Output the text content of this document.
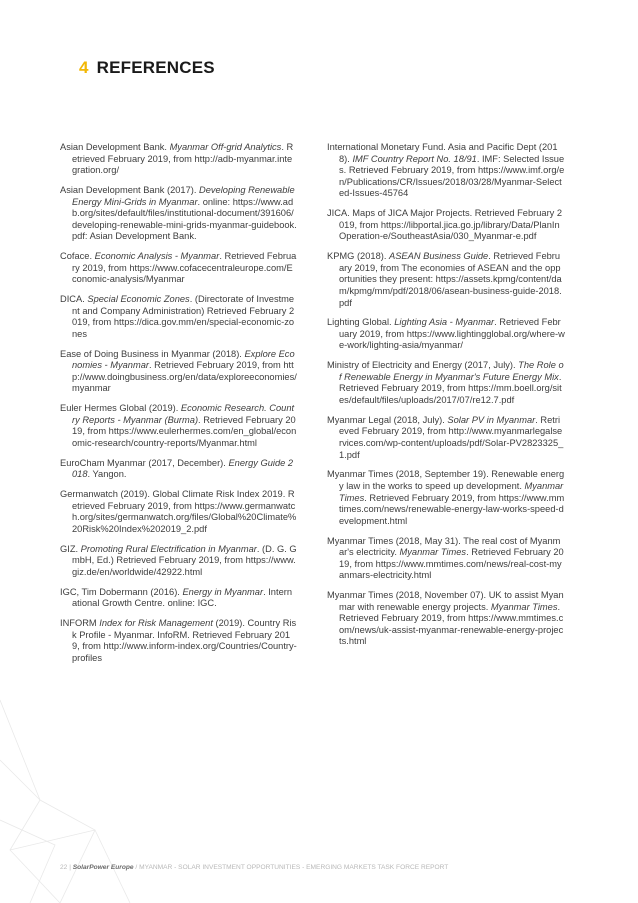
4 REFERENCES

Asian Development Bank. Myanmar Off-grid Analytics. Retrieved February 2019, from http://adb-myanmar.integration.org/

Asian Development Bank (2017). Developing Renewable Energy Mini-Grids in Myanmar. online: https://www.adb.org/sites/default/files/institutional-document/391606/developing-renewable-mini-grids-myanmar-guidebook.pdf: Asian Development Bank.

Coface. Economic Analysis - Myanmar. Retrieved February 2019, from https://www.cofacecentraleurope.com/Economic-analysis/Myanmar

DICA. Special Economic Zones. (Directorate of Investment and Company Administration) Retrieved February 2019, from https://dica.gov.mm/en/special-economic-zones

Ease of Doing Business in Myanmar (2018). Explore Economies - Myanmar. Retrieved February 2019, from http://www.doingbusiness.org/en/data/exploreeconomies/myanmar

Euler Hermes Global (2019). Economic Research. Country Reports - Myanmar (Burma). Retrieved February 2019, from https://www.eulerhermes.com/en_global/economic-research/country-reports/Myanmar.html

EuroCham Myanmar (2017, December). Energy Guide 2018. Yangon.

Germanwatch (2019). Global Climate Risk Index 2019. Retrieved February 2019, from https://www.germanwatch.org/sites/germanwatch.org/files/Global%20Climate%20Risk%20Index%202019_2.pdf

GIZ. Promoting Rural Electrification in Myanmar. (D. G. GmbH, Ed.) Retrieved February 2019, from https://www.giz.de/en/worldwide/42922.html

IGC, Tim Dobermann (2016). Energy in Myanmar. International Growth Centre. online: IGC.

INFORM Index for Risk Management (2019). Country Risk Profile - Myanmar. InfoRM. Retrieved February 2019, from http://www.inform-index.org/Countries/Country-profiles

International Monetary Fund. Asia and Pacific Dept (2018). IMF Country Report No. 18/91. IMF: Selected Issues. Retrieved February 2019, from https://www.imf.org/en/Publications/CR/Issues/2018/03/28/Myanmar-Selected-Issues-45764

JICA. Maps of JICA Major Projects. Retrieved February 2019, from https://libportal.jica.go.jp/library/Data/PlanInOperation-e/SoutheastAsia/030_Myanmar-e.pdf

KPMG (2018). ASEAN Business Guide. Retrieved February 2019, from The economies of ASEAN and the opportunities they present: https://assets.kpmg/content/dam/kpmg/mm/pdf/2018/06/asean-business-guide-2018.pdf

Lighting Global. Lighting Asia - Myanmar. Retrieved February 2019, from https://www.lightingglobal.org/where-we-work/lighting-asia/myanmar/

Ministry of Electricity and Energy (2017, July). The Role of Renewable Energy in Myanmar's Future Energy Mix. Retrieved February 2019, from https://mm.boell.org/sites/default/files/uploads/2017/07/re12.7.pdf

Myanmar Legal (2018, July). Solar PV in Myanmar. Retrieved February 2019, from http://www.myanmarlegalservices.com/wp-content/uploads/pdf/Solar-PV2823325_1.pdf

Myanmar Times (2018, September 19). Renewable energy law in the works to speed up development. Myanmar Times. Retrieved February 2019, from https://www.mmtimes.com/news/renewable-energy-law-works-speed-development.html

Myanmar Times (2018, May 31). The real cost of Myanmar's electricity. Myanmar Times. Retrieved February 2019, from https://www.mmtimes.com/news/real-cost-myanmars-electricity.html

Myanmar Times (2018, November 07). UK to assist Myanmar with renewable energy projects. Myanmar Times. Retrieved February 2019, from https://www.mmtimes.com/news/uk-assist-myanmar-renewable-energy-projects.html

22 | SolarPower Europe / MYANMAR - SOLAR INVESTMENT OPPORTUNITIES - EMERGING MARKETS TASK FORCE REPORT
